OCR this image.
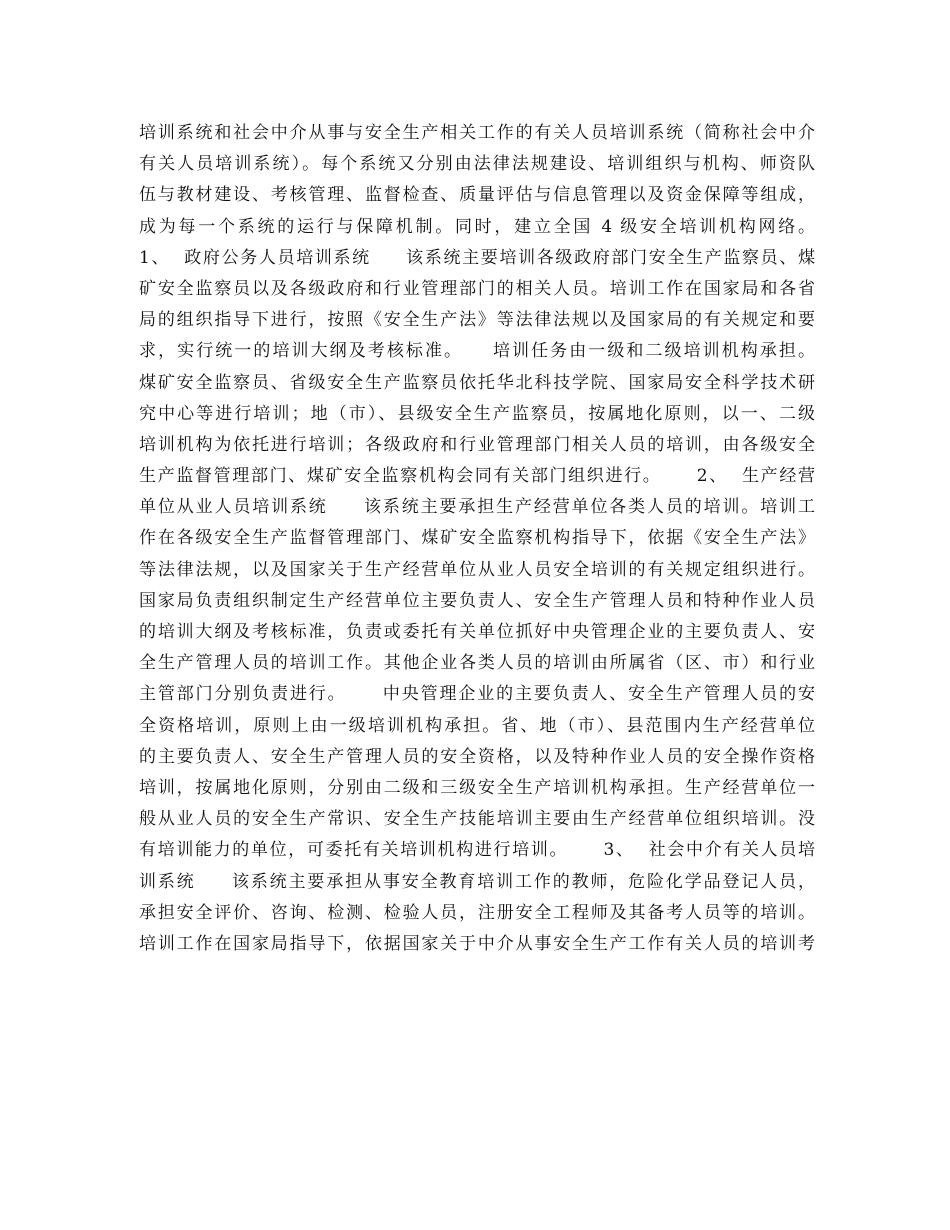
培训系统和社会中介从事与安全生产相关工作的有关人员培训系统（简称社会中介
有关人员培训系统）。每个系统又分别由法律法规建设、培训组织与机构、师资队
伍与教材建设、考核管理、监督检查、质量评估与信息管理以及资金保障等组成，
成为每一个系统的运行与保障机制。同时，建立全国 4 级安全培训机构网络。
1、  政府公务人员培训系统     该系统主要培训各级政府部门安全生产监察员、煤
矿安全监察员以及各级政府和行业管理部门的相关人员。培训工作在国家局和各省
局的组织指导下进行，按照《安全生产法》等法律法规以及国家局的有关规定和要
求，实行统一的培训大纲及考核标准。    培训任务由一级和二级培训机构承担。
煤矿安全监察员、省级安全生产监察员依托华北科技学院、国家局安全科学技术研
究中心等进行培训；地（市）、县级安全生产监察员，按属地化原则，以一、二级
培训机构为依托进行培训；各级政府和行业管理部门相关人员的培训，由各级安全
生产监督管理部门、煤矿安全监察机构会同有关部门组织进行。     2、  生产经营
单位从业人员培训系统     该系统主要承担生产经营单位各类人员的培训。培训工
作在各级安全生产监督管理部门、煤矿安全监察机构指导下，依据《安全生产法》
等法律法规，以及国家关于生产经营单位从业人员安全培训的有关规定组织进行。
国家局负责组织制定生产经营单位主要负责人、安全生产管理人员和特种作业人员
的培训大纲及考核标准，负责或委托有关单位抓好中央管理企业的主要负责人、安
全生产管理人员的培训工作。其他企业各类人员的培训由所属省（区、市）和行业
主管部门分别负责进行。     中央管理企业的主要负责人、安全生产管理人员的安
全资格培训，原则上由一级培训机构承担。省、地（市）、县范围内生产经营单位
的主要负责人、安全生产管理人员的安全资格，以及特种作业人员的安全操作资格
培训，按属地化原则，分别由二级和三级安全生产培训机构承担。生产经营单位一
般从业人员的安全生产常识、安全生产技能培训主要由生产经营单位组织培训。没
有培训能力的单位，可委托有关培训机构进行培训。     3、  社会中介有关人员培
训系统     该系统主要承担从事安全教育培训工作的教师，危险化学品登记人员，
承担安全评价、咨询、检测、检验人员，注册安全工程师及其备考人员等的培训。
培训工作在国家局指导下，依据国家关于中介从事安全生产工作有关人员的培训考
